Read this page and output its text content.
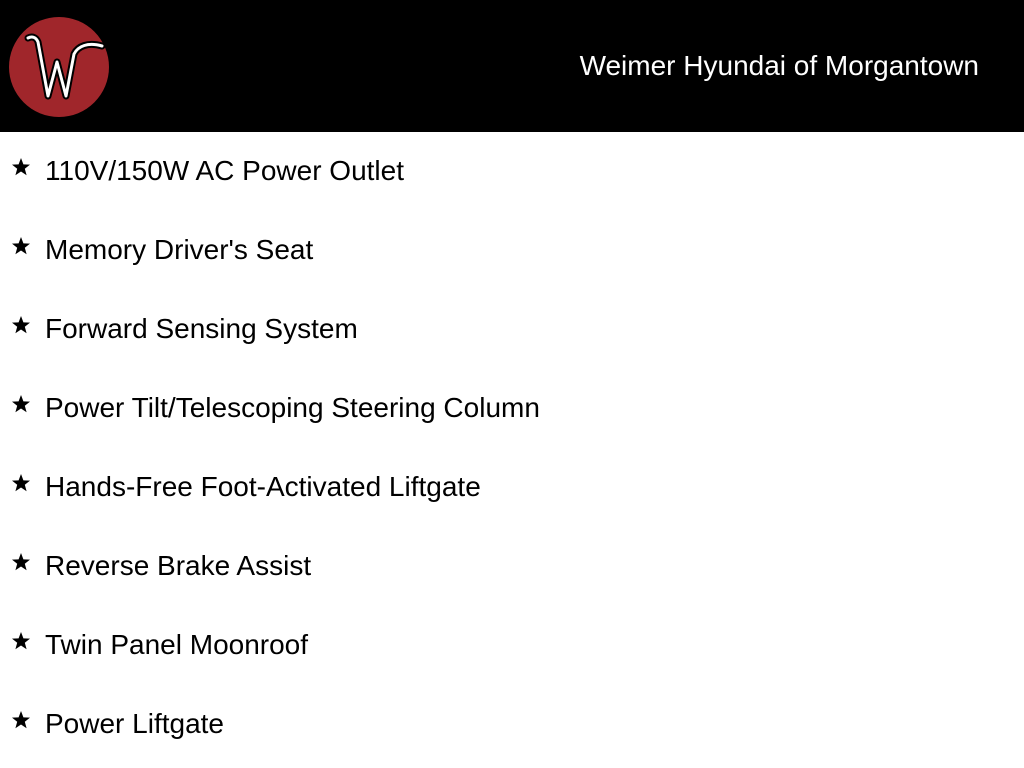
Weimer Hyundai of Morgantown
110V/150W AC Power Outlet
Memory Driver's Seat
Forward Sensing System
Power Tilt/Telescoping Steering Column
Hands-Free Foot-Activated Liftgate
Reverse Brake Assist
Twin Panel Moonroof
Power Liftgate
